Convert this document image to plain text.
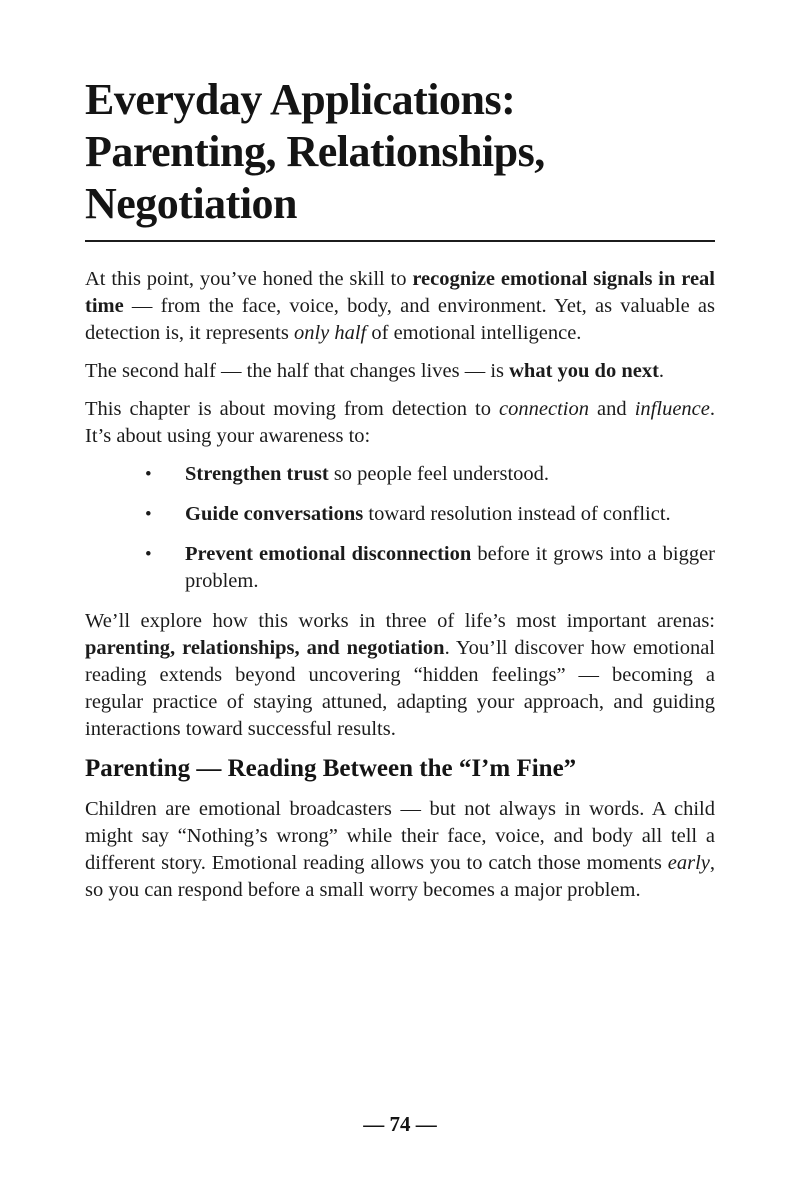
Everyday Applications:
Parenting, Relationships,
Negotiation

At this point, you’ve honed the skill to recognize emotional signals in real time — from the face, voice, body, and environment. Yet, as valuable as detection is, it represents only half of emotional intelligence.

The second half — the half that changes lives — is what you do next.

This chapter is about moving from detection to connection and influence. It’s about using your awareness to:

• Strengthen trust so people feel understood.
• Guide conversations toward resolution instead of conflict.
• Prevent emotional disconnection before it grows into a bigger problem.

We’ll explore how this works in three of life’s most important arenas: parenting, relationships, and negotiation. You’ll discover how emotional reading extends beyond uncovering “hidden feelings” — becoming a regular practice of staying attuned, adapting your approach, and guiding interactions toward successful results.

Parenting — Reading Between the “I’m Fine”

Children are emotional broadcasters — but not always in words. A child might say “Nothing’s wrong” while their face, voice, and body all tell a different story. Emotional reading allows you to catch those moments early, so you can respond before a small worry becomes a major problem.

— 74 —
